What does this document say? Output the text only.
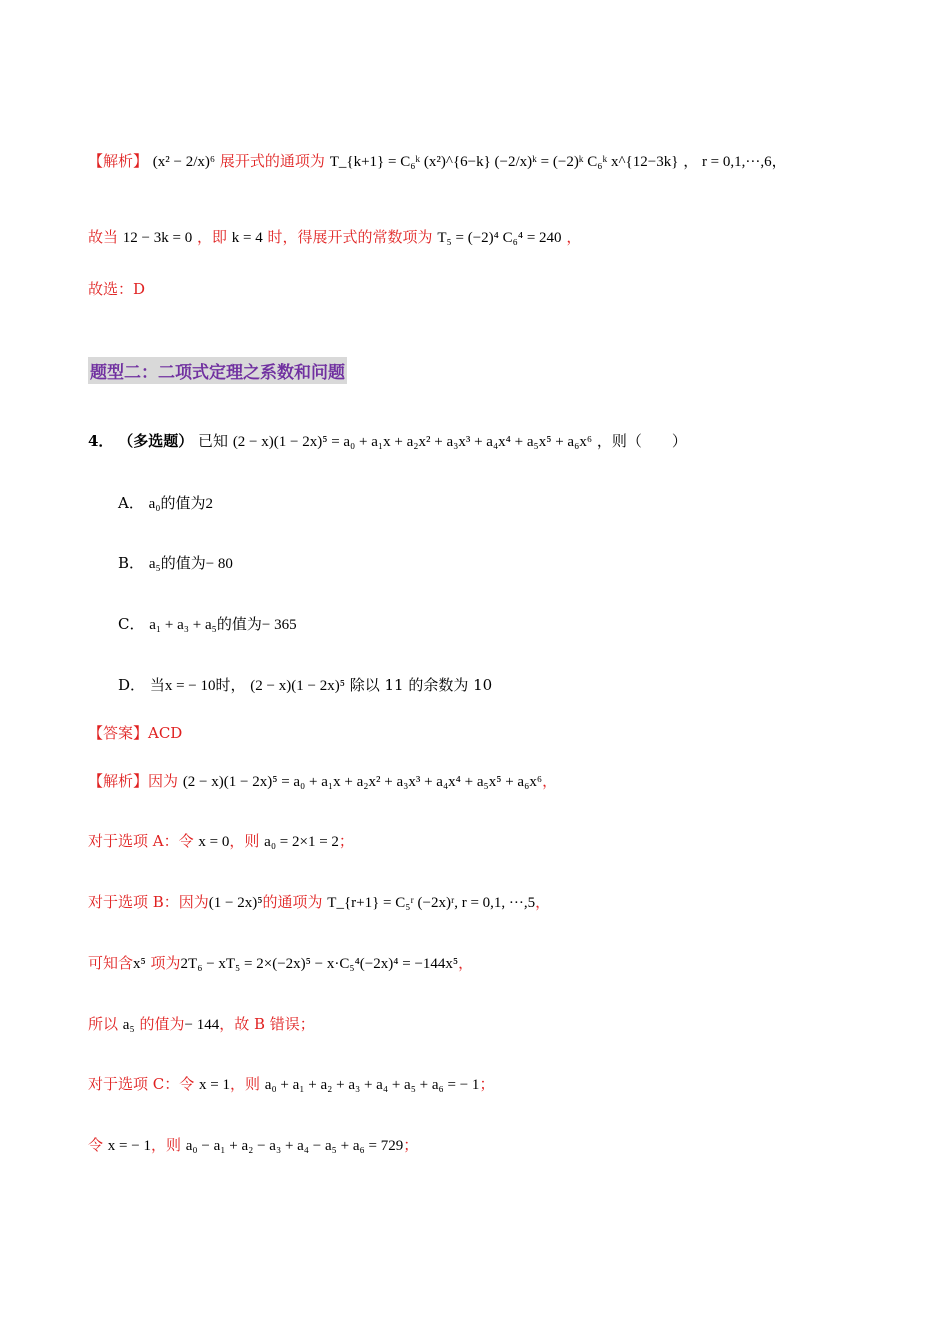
【解析】 (x² − 2/x)⁶ 展开式的通项为 T_{k+1} = C₆ᵏ (x²)^{6−k} (−2/x)ᵏ = (−2)ᵏ C₆ᵏ x^{12−3k} ， r = 0,1,···,6，
故当 12 − 3k = 0 ，即 k = 4 时，得展开式的常数项为 T₅ = (−2)⁴ C₆⁴ = 240 ，
故选：D
题型二：二项式定理之系数和问题
4． （多选题） 已知 (2 − x)(1 − 2x)⁵ = a₀ + a₁x + a₂x² + a₃x³ + a₄x⁴ + a₅x⁵ + a₆x⁶ ，则（　　）
A． a₀的值为2
B． a₅的值为− 80
C． a₁ + a₃ + a₅的值为− 365
D． 当x = − 10时， (2 − x)(1 − 2x)⁵ 除以 11 的余数为 10
【答案】ACD
【解析】因为 (2 − x)(1 − 2x)⁵ = a₀ + a₁x + a₂x² + a₃x³ + a₄x⁴ + a₅x⁵ + a₆x⁶，
对于选项 A：令 x = 0，则 a₀ = 2×1 = 2；
对于选项 B：因为(1 − 2x)⁵的通项为 T_{r+1} = C₅ʳ (−2x)ʳ, r = 0,1, ···,5，
可知含x⁵ 项为2T₆ − xT₅ = 2×(−2x)⁵ − x·C₅⁴(−2x)⁴ = −144x⁵，
所以 a₅ 的值为− 144，故 B 错误；
对于选项 C：令 x = 1，则 a₀ + a₁ + a₂ + a₃ + a₄ + a₅ + a₆ = − 1；
令 x = − 1，则 a₀ − a₁ + a₂ − a₃ + a₄ − a₅ + a₆ = 729；
